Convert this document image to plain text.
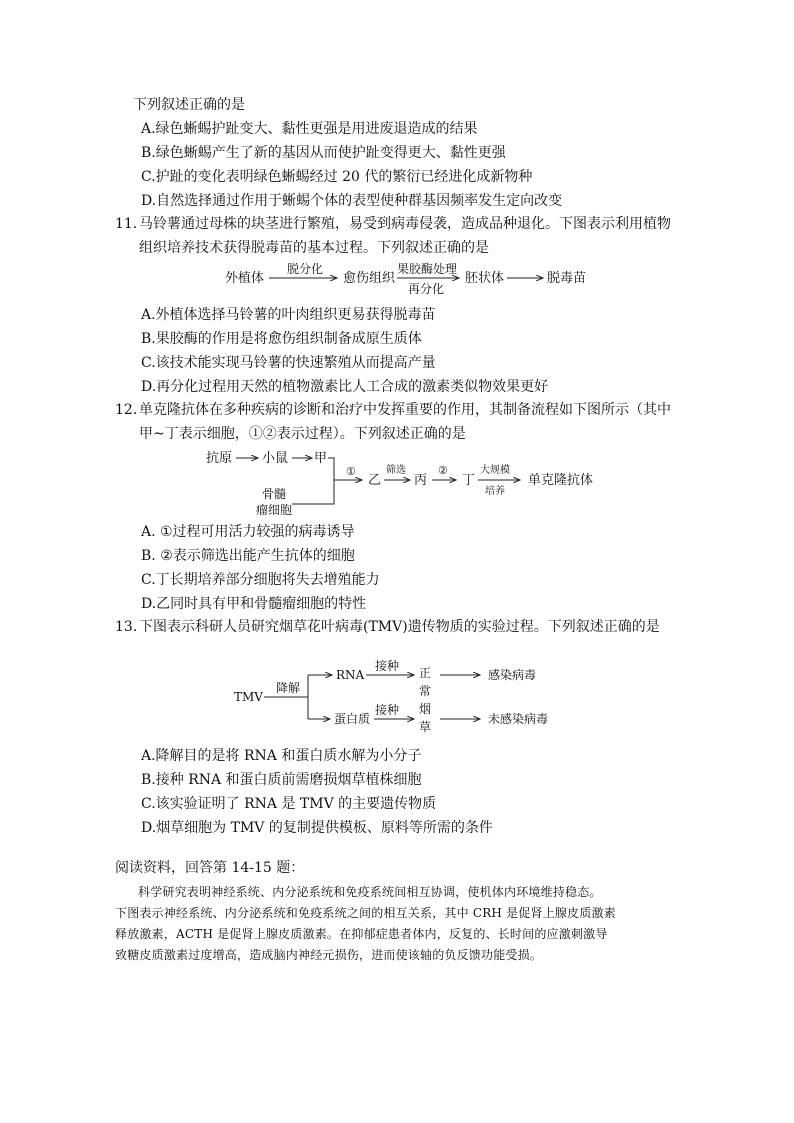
下列叙述正确的是
A.绿色蜥蜴护趾变大、黏性更强是用进废退造成的结果
B.绿色蜥蜴产生了新的基因从而使护趾变得更大、黏性更强
C.护趾的变化表明绿色蜥蜴经过 20 代的繁衍已经进化成新物种
D.自然选择通过作用于蜥蜴个体的表型使种群基因频率发生定向改变
11．
马铃薯通过母株的块茎进行繁殖，易受到病毒侵袭，造成品种退化。下图表示利用植物
组织培养技术获得脱毒苗的基本过程。下列叙述正确的是
外植体
脱分化
愈伤组织
果胶酶处理
再分化
胚状体	脱毒苗
A.外植体选择马铃薯的叶肉组织更易获得脱毒苗
B.果胶酶的作用是将愈伤组织制备成原生质体
C.该技术能实现马铃薯的快速繁殖从而提高产量
D.再分化过程用天然的植物激素比人工合成的激素类似物效果更好
12．
单克隆抗体在多种疾病的诊断和治疗中发挥重要的作用，其制备流程如下图所示（其中
甲~丁表示细胞，①②表示过程）。下列叙述正确的是
抗原 小鼠 甲
骨髓
瘤细胞
①
乙
筛选
丙
②
丁
大规模
培养
单克隆抗体
A. ①过程可用活力较强的病毒诱导
B. ②表示筛选出能产生抗体的细胞
C.丁长期培养部分细胞将失去增殖能力
D.乙同时具有甲和骨髓瘤细胞的特性
13．
下图表示科研人员研究烟草花叶病毒(TMV)遗传物质的实验过程。下列叙述正确的是
TMV
降解
RNA
蛋白质
接种
接种
正
常
烟
草
感染病毒
未感染病毒
A.降解目的是将 RNA 和蛋白质水解为小分子
B.接种 RNA 和蛋白质前需磨损烟草植株细胞
C.该实验证明了 RNA 是 TMV 的主要遗传物质
D.烟草细胞为 TMV 的复制提供模板、原料等所需的条件
阅读资料，回答第 14-15 题：
科学研究表明神经系统、内分泌系统和免疫系统间相互协调，使机体内环境维持稳态。
下图表示神经系统、内分泌系统和免疫系统之间的相互关系，其中 CRH 是促肾上腺皮质激素
释放激素，ACTH 是促肾上腺皮质激素。在抑郁症患者体内，反复的、长时间的应激刺激导
致糖皮质激素过度增高，造成脑内神经元损伤，进而使该轴的负反馈功能受损。
